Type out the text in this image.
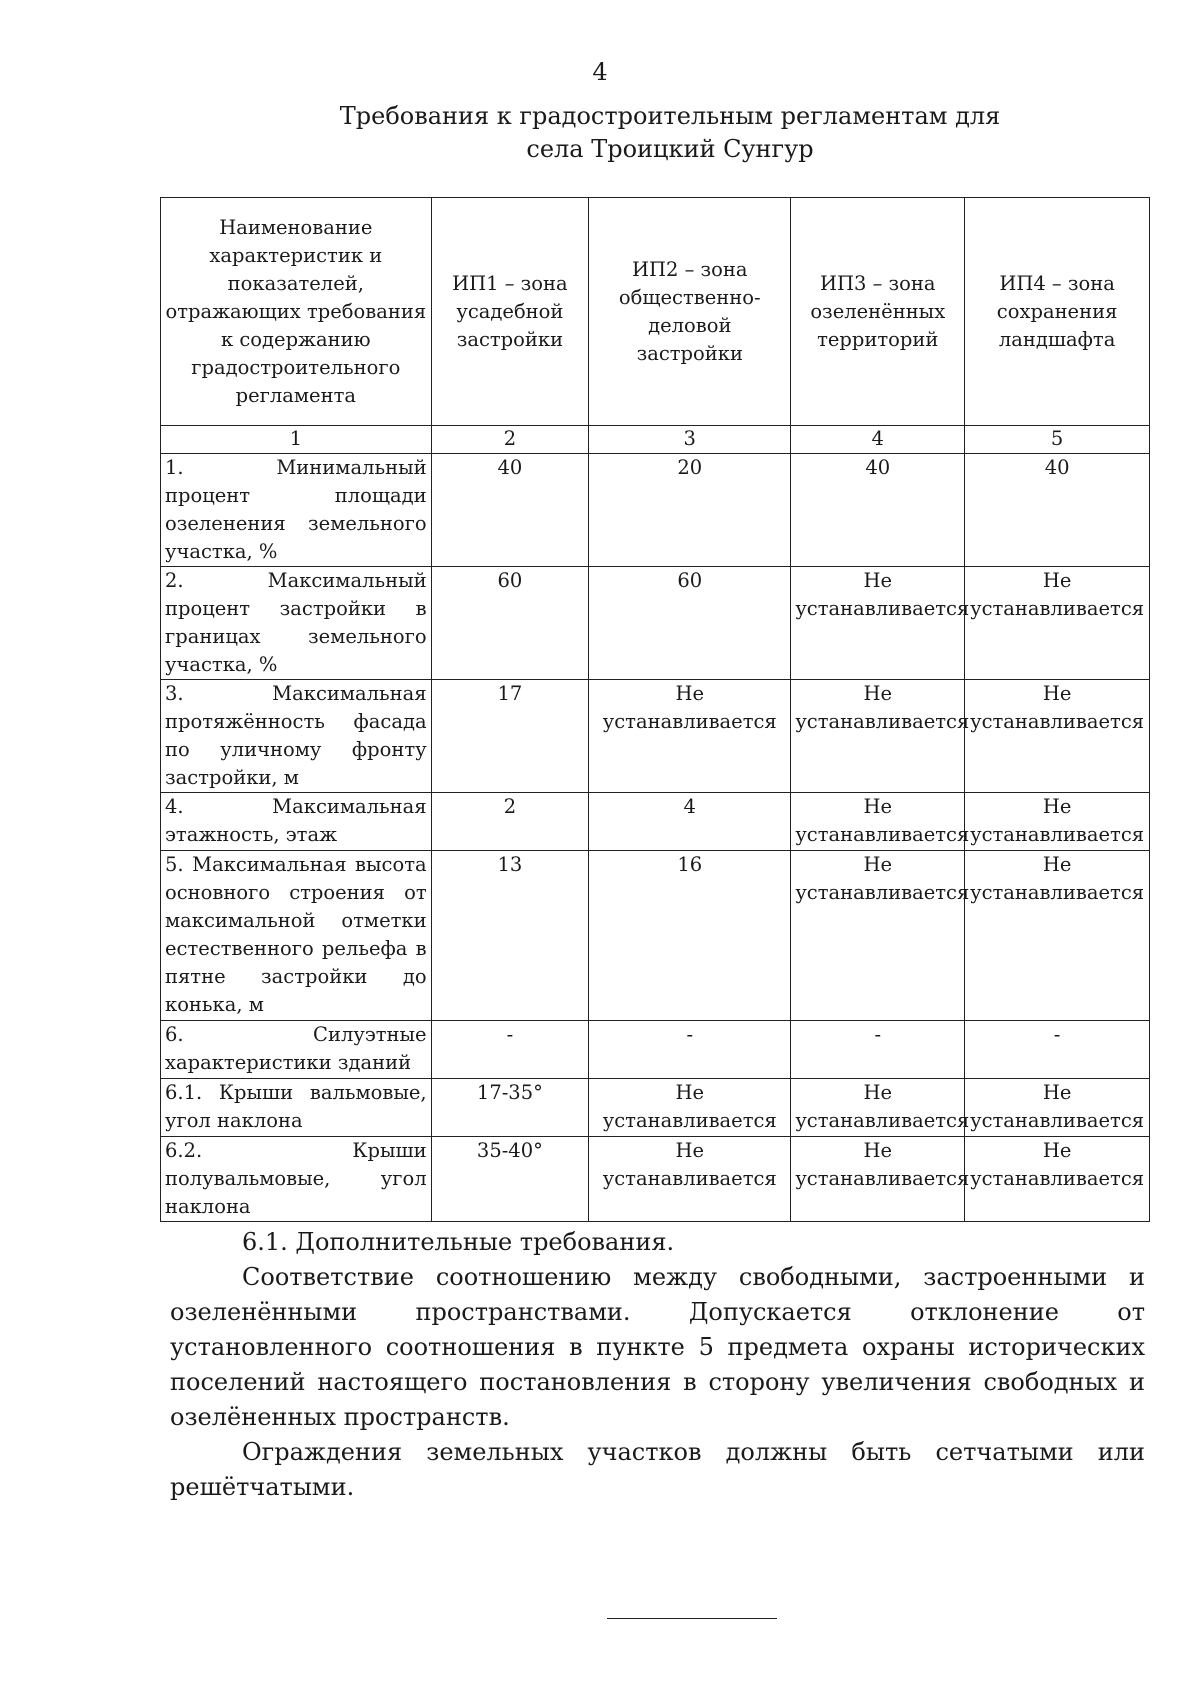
4
Требования к градостроительным регламентам для
села Троицкий Сунгур
Наименование характеристик и показателей, отражающих требования к содержанию градостроительного регламента	ИП1 – зона усадебной застройки	ИП2 – зона общественно-деловой застройки	ИП3 – зона озеленённых территорий	ИП4 – зона сохранения ландшафта
1	2	3	4	5
1. Минимальный процент площади озеленения земельного участка, %	40	20	40	40
2. Максимальный процент застройки в границах земельного участка, %	60	60	Не устанавливается	Не устанавливается
3. Максимальная протяжённость фасада по уличному фронту застройки, м	17	Не устанавливается	Не устанавливается	Не устанавливается
4. Максимальная этажность, этаж	2	4	Не устанавливается	Не устанавливается
5. Максимальная высота основного строения от максимальной отметки естественного рельефа в пятне застройки до конька, м	13	16	Не устанавливается	Не устанавливается
6. Силуэтные характеристики зданий	-	-	-	-
6.1. Крыши вальмовые, угол наклона	17-35°	Не устанавливается	Не устанавливается	Не устанавливается
6.2. Крыши полувальмовые, угол наклона	35-40°	Не устанавливается	Не устанавливается	Не устанавливается

6.1. Дополнительные требования.

Соответствие соотношению между свободными, застроенными и озеленёнными пространствами. Допускается отклонение от установленного соотношения в пункте 5 предмета охраны исторических поселений настоящего постановления в сторону увеличения свободных и озелёненных пространств.

Ограждения земельных участков должны быть сетчатыми или решётчатыми.
